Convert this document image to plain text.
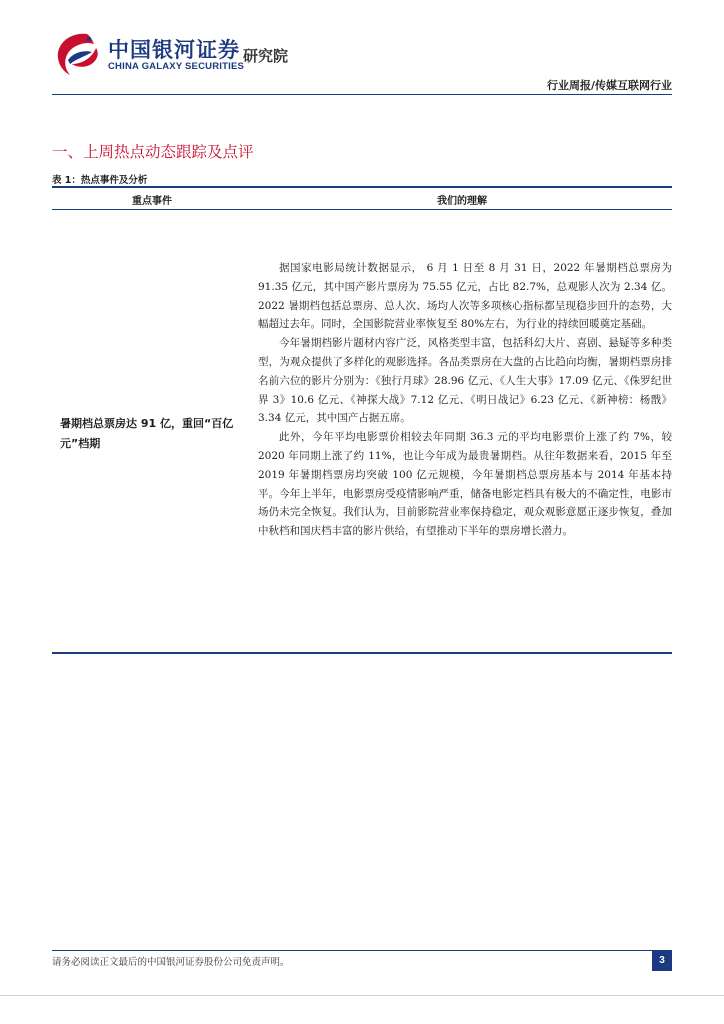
中国银河证券
CHINA GALAXY SECURITIES
研究院
行业周报/传媒互联网行业
一、上周热点动态跟踪及点评
表 1：热点事件及分析
重点事件	我们的理解
暑期档总票房达 91 亿，重回“百亿元”档期

据国家电影局统计数据显示， 6 月 1 日至 8 月 31 日，2022 年暑期档总票房为 91.35 亿元，其中国产影片票房为 75.55 亿元，占比 82.7%，总观影人次为 2.34 亿。2022 暑期档包括总票房、总人次、场均人次等多项核心指标都呈现稳步回升的态势，大幅超过去年。同时，全国影院营业率恢复至 80%左右，为行业的持续回暖奠定基础。

今年暑期档影片题材内容广泛，风格类型丰富，包括科幻大片、喜剧、悬疑等多种类型，为观众提供了多样化的观影选择。各品类票房在大盘的占比趋向均衡，暑期档票房排名前六位的影片分别为：《独行月球》28.96 亿元、《人生大事》17.09 亿元、《侏罗纪世界 3》10.6 亿元、《神探大战》7.12 亿元、《明日战记》6.23 亿元、《新神榜：杨戬》3.34 亿元，其中国产占据五席。

此外，今年平均电影票价相较去年同期 36.3 元的平均电影票价上涨了约 7%，较 2020 年同期上涨了约 11%，也让今年成为最贵暑期档。从往年数据来看，2015 年至 2019 年暑期档票房均突破 100 亿元规模，今年暑期档总票房基本与 2014 年基本持平。今年上半年，电影票房受疫情影响严重，储备电影定档具有极大的不确定性，电影市场仍未完全恢复。我们认为，目前影院营业率保持稳定，观众观影意愿正逐步恢复，叠加中秋档和国庆档丰富的影片供给，有望推动下半年的票房增长潜力。

请务必阅读正文最后的中国银河证券股份公司免责声明。	3
